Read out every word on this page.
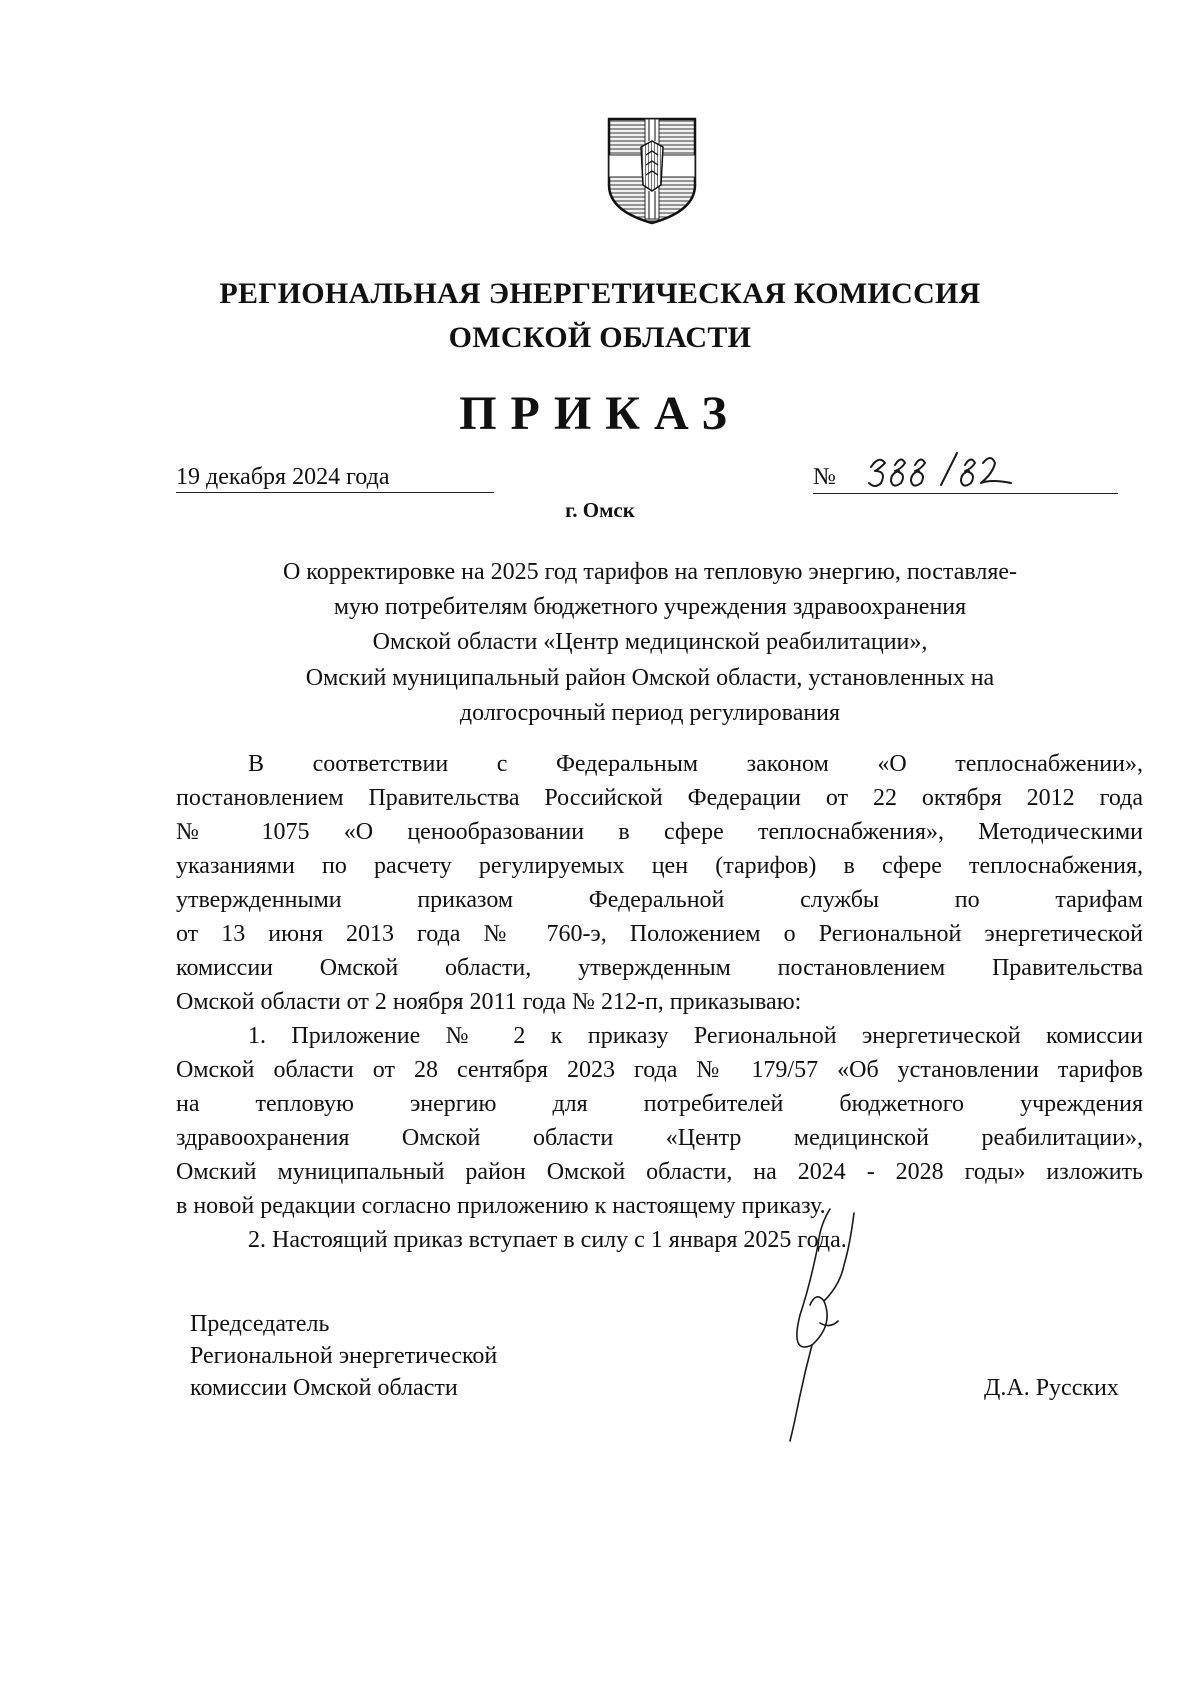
РЕГИОНАЛЬНАЯ ЭНЕРГЕТИЧЕСКАЯ КОМИССИЯ
ОМСКОЙ ОБЛАСТИ
ПРИКАЗ
19 декабря 2024 года	№
г. Омск
О корректировке на 2025 год тарифов на тепловую энергию, поставляе-
мую потребителям бюджетного учреждения здравоохранения
Омской области «Центр медицинской реабилитации»,
Омский муниципальный район Омской области, установленных на
долгосрочный период регулирования
В соответствии с Федеральным законом «О теплоснабжении»,
постановлением Правительства Российской Федерации от 22 октября 2012 года
№ 1075 «О ценообразовании в сфере теплоснабжения», Методическими
указаниями по расчету регулируемых цен (тарифов) в сфере теплоснабжения,
утвержденными приказом Федеральной службы по тарифам
от 13 июня 2013 года № 760-э, Положением о Региональной энергетической
комиссии Омской области, утвержденным постановлением Правительства
Омской области от 2 ноября 2011 года № 212-п, приказываю:
1. Приложение № 2 к приказу Региональной энергетической комиссии
Омской области от 28 сентября 2023 года № 179/57 «Об установлении тарифов
на тепловую энергию для потребителей бюджетного учреждения
здравоохранения Омской области «Центр медицинской реабилитации»,
Омский муниципальный район Омской области, на 2024 - 2028 годы» изложить
в новой редакции согласно приложению к настоящему приказу.
2. Настоящий приказ вступает в силу с 1 января 2025 года.
Председатель
Региональной энергетической
комиссии Омской области	Д.А. Русских
